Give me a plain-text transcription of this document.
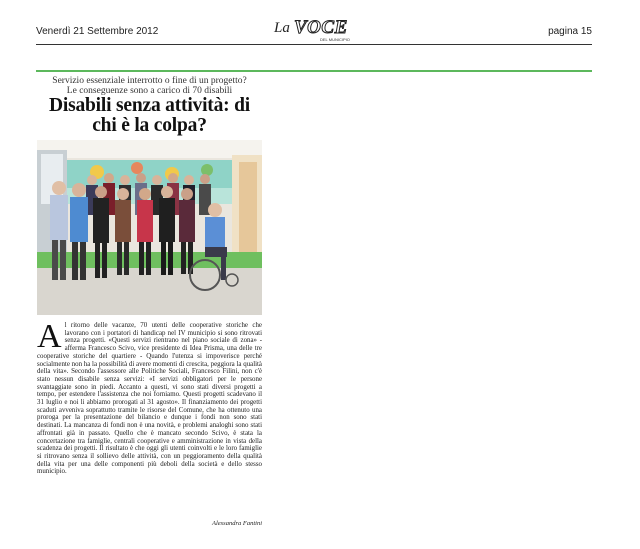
Venerdì 21 Settembre 2012	La VOCE
DEL MUNICIPIO
pagina 15
Servizio essenziale interrotto o fine di un progetto?
Le conseguenze sono a carico di 70 disabili
Disabili senza attività: di chi è la colpa?
A l ritorno delle vacanze, 70 utenti delle cooperative storiche che lavorano con i portatori di handicap nel IV municipio si sono ritrovati senza progetti. «Questi servizi rientrano nel piano sociale di zona» - afferma Francesco Scivo, vice presidente di Idea Prisma, una delle tre cooperative storiche del quartiere - Quando l'utenza si impoverisce perché socialmente non ha la possibilità di avere momenti di crescita, peggiora la qualità della vita». Secondo l'assessore alle Politiche Sociali, Francesco Filini, non c'è stato nessun disabile senza servizi: «I servizi obbligatori per le persone svantaggiate sono in piedi. Accanto a questi, vi sono stati diversi progetti a tempo, per estendere l'assistenza che noi forniamo. Questi progetti scadevano il 31 luglio e noi li abbiamo prorogati al 31 agosto». Il finanziamento dei progetti scaduti avveniva soprattutto tramite le risorse del Comune, che ha ottenuto una proroga per la presentazione del bilancio e dunque i fondi non sono stati destinati. La mancanza di fondi non è una novità, e problemi analoghi sono stati affrontati già in passato. Quello che è mancato secondo Scivo, è stata la concertazione tra famiglie, centrali cooperative e amministrazione in vista della scadenza dei progetti. Il risultato è che oggi gli utenti coinvolti e le loro famiglie si ritrovano senza il sollievo delle attività, con un peggioramento della qualità della vita per una delle componenti più deboli della società e dello stesso municipio.

Alessandra Fantini
